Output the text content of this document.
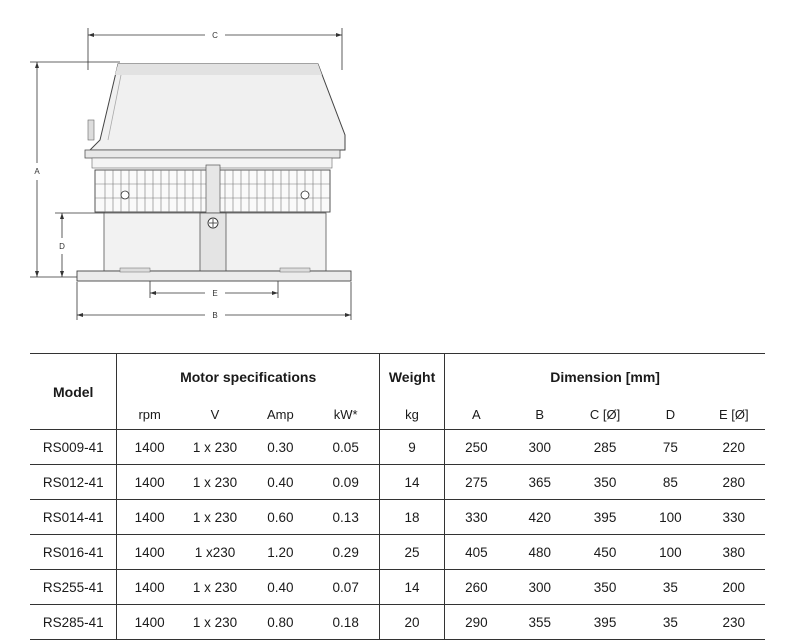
C
A
D
E
B
Model	Motor specifications				Weight	Dimension [mm]				
	rpm	V	Amp	kW*	kg	A	B	C [Ø]	D	E [Ø]
RS009-41	1400	1 x 230	0.30	0.05	9	250	300	285	75	220
RS012-41	1400	1 x 230	0.40	0.09	14	275	365	350	85	280
RS014-41	1400	1 x 230	0.60	0.13	18	330	420	395	100	330
RS016-41	1400	1 x230	1.20	0.29	25	405	480	450	100	380
RS255-41	1400	1 x 230	0.40	0.07	14	260	300	350	35	200
RS285-41	1400	1 x 230	0.80	0.18	20	290	355	395	35	230
